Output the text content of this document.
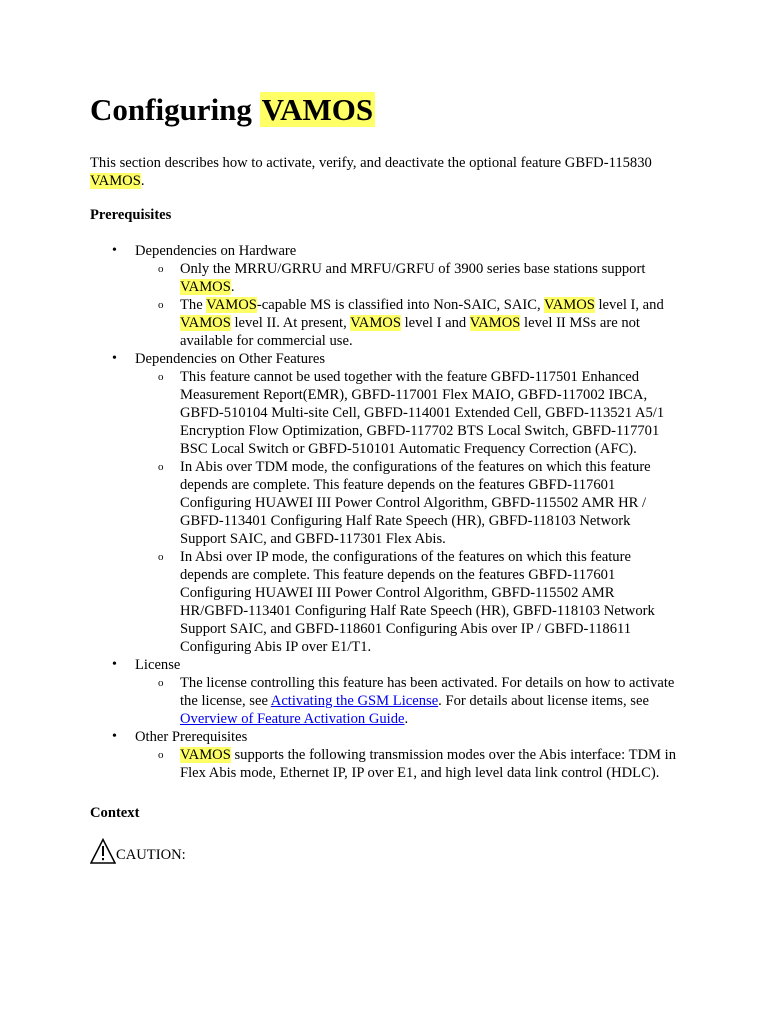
Configuring VAMOS

This section describes how to activate, verify, and deactivate the optional feature GBFD-115830 VAMOS.

Prerequisites
• Dependencies on Hardware
o Only the MRRU/GRRU and MRFU/GRFU of 3900 series base stations support VAMOS.
o The VAMOS-capable MS is classified into Non-SAIC, SAIC, VAMOS level I, and VAMOS level II. At present, VAMOS level I and VAMOS level II MSs are not available for commercial use.
• Dependencies on Other Features
o This feature cannot be used together with the feature GBFD-117501 Enhanced Measurement Report(EMR), GBFD-117001 Flex MAIO, GBFD-117002 IBCA, GBFD-510104 Multi-site Cell, GBFD-114001 Extended Cell, GBFD-113521 A5/1 Encryption Flow Optimization, GBFD-117702 BTS Local Switch, GBFD-117701 BSC Local Switch or GBFD-510101 Automatic Frequency Correction (AFC).
o In Abis over TDM mode, the configurations of the features on which this feature depends are complete. This feature depends on the features GBFD-117601 Configuring HUAWEI III Power Control Algorithm, GBFD-115502 AMR HR / GBFD-113401 Configuring Half Rate Speech (HR), GBFD-118103 Network Support SAIC, and GBFD-117301 Flex Abis.
o In Absi over IP mode, the configurations of the features on which this feature depends are complete. This feature depends on the features GBFD-117601 Configuring HUAWEI III Power Control Algorithm, GBFD-115502 AMR HR/GBFD-113401 Configuring Half Rate Speech (HR), GBFD-118103 Network Support SAIC, and GBFD-118601 Configuring Abis over IP / GBFD-118611 Configuring Abis IP over E1/T1.
• License
o The license controlling this feature has been activated. For details on how to activate the license, see Activating the GSM License. For details about license items, see Overview of Feature Activation Guide.
• Other Prerequisites
o VAMOS supports the following transmission modes over the Abis interface: TDM in Flex Abis mode, Ethernet IP, IP over E1, and high level data link control (HDLC).
Context
CAUTION:
